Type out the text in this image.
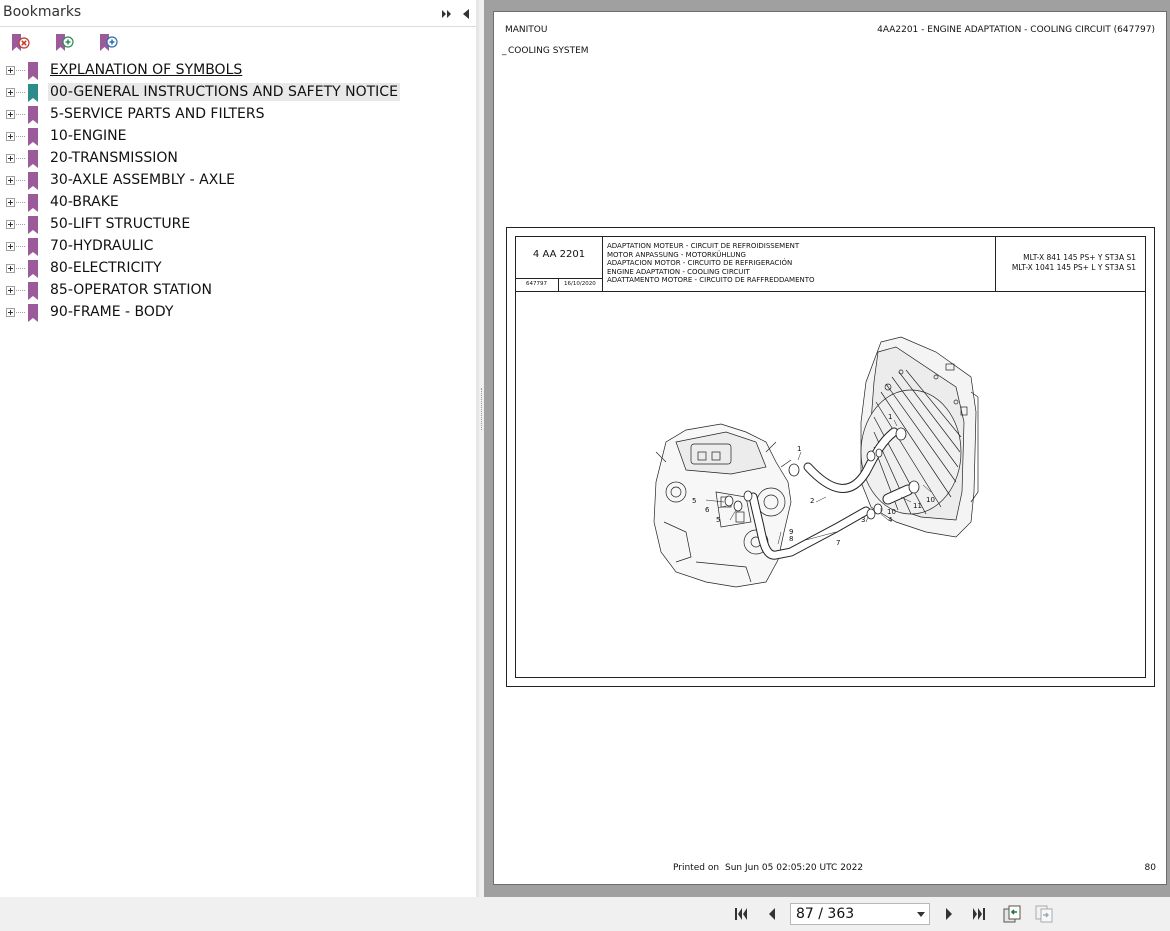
Bookmarks
EXPLANATION OF SYMBOLS
00-GENERAL INSTRUCTIONS AND SAFETY NOTICE
5-SERVICE PARTS AND FILTERS
10-ENGINE
20-TRANSMISSION
30-AXLE ASSEMBLY - AXLE
40-BRAKE
50-LIFT STRUCTURE
70-HYDRAULIC
80-ELECTRICITY
85-OPERATOR STATION
90-FRAME - BODY
MANITOU	4AA2201 - ENGINE ADAPTATION - COOLING CIRCUIT (647797)
_ COOLING SYSTEM
4 AA 2201
647797	16/10/2020
ADAPTATION MOTEUR - CIRCUIT DE REFROIDISSEMENT
MOTOR ANPASSUNG - MOTORKÜHLUNG
ADAPTACION MOTOR - CIRCUITO DE REFRIGERACIÓN
ENGINE ADAPTATION - COOLING CIRCUIT
ADATTAMENTO MOTORE - CIRCUITO DE RAFFREDDAMENTO
MLT-X 841 145 PS+ Y ST3A S1
MLT-X 1041 145 PS+ L Y ST3A S1
1
1
2
3	4
5
5
6
7
8
9
10
10
11
Printed on Sun Jun 05 02:05:20 UTC 2022	80
87 / 363
